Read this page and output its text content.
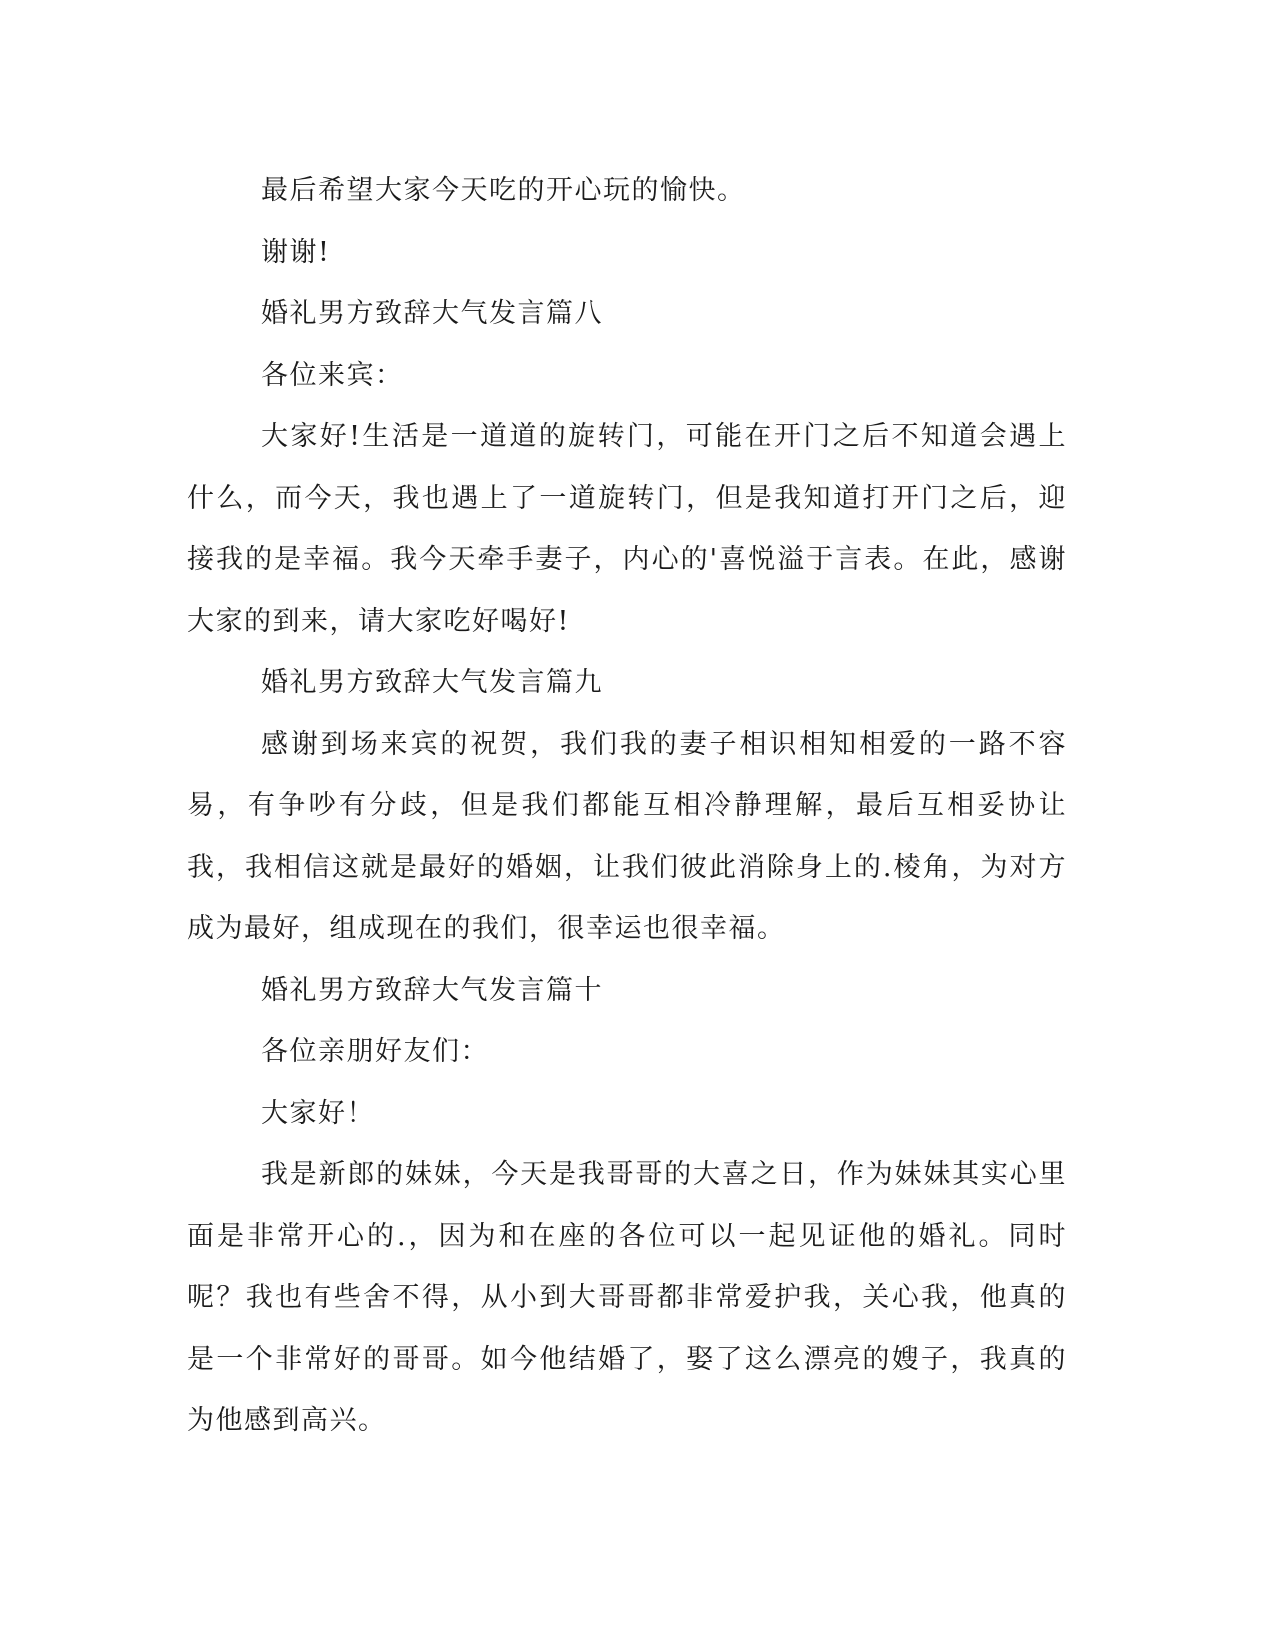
最后希望大家今天吃的开心玩的愉快。

谢谢!

婚礼男方致辞大气发言篇八

各位来宾：

大家好!生活是一道道的旋转门，可能在开门之后不知道会遇上什么，而今天，我也遇上了一道旋转门，但是我知道打开门之后，迎接我的是幸福。我今天牵手妻子，内心的'喜悦溢于言表。在此，感谢大家的到来，请大家吃好喝好!

婚礼男方致辞大气发言篇九

感谢到场来宾的祝贺，我们我的妻子相识相知相爱的一路不容易，有争吵有分歧，但是我们都能互相冷静理解，最后互相妥协让我，我相信这就是最好的婚姻，让我们彼此消除身上的.棱角，为对方成为最好，组成现在的我们，很幸运也很幸福。

婚礼男方致辞大气发言篇十

各位亲朋好友们：

大家好！

我是新郎的妹妹，今天是我哥哥的大喜之日，作为妹妹其实心里面是非常开心的.，因为和在座的各位可以一起见证他的婚礼。同时呢？我也有些舍不得，从小到大哥哥都非常爱护我，关心我，他真的是一个非常好的哥哥。如今他结婚了，娶了这么漂亮的嫂子，我真的为他感到高兴。
